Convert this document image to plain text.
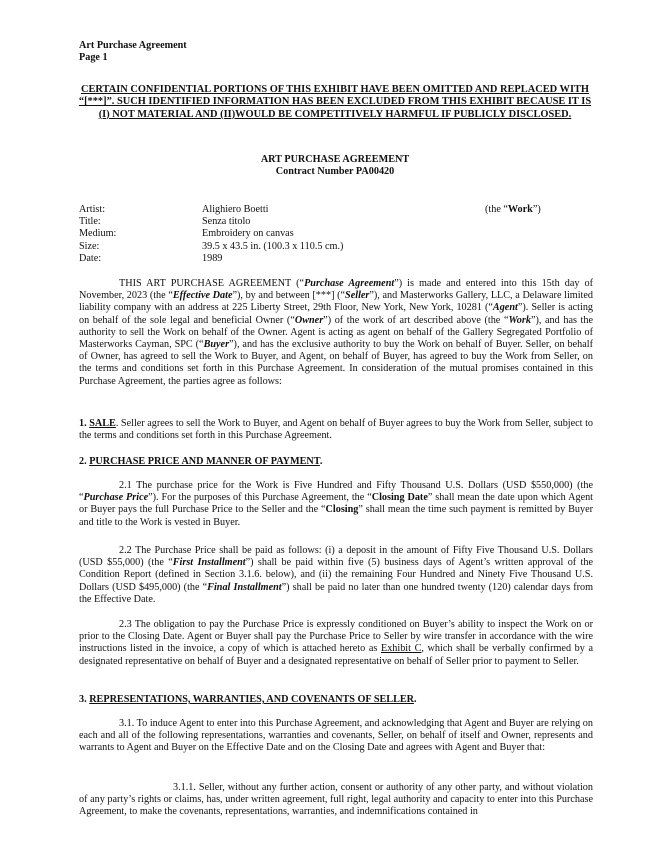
Art Purchase Agreement
Page 1
CERTAIN CONFIDENTIAL PORTIONS OF THIS EXHIBIT HAVE BEEN OMITTED AND REPLACED WITH “[***]”. SUCH IDENTIFIED INFORMATION HAS BEEN EXCLUDED FROM THIS EXHIBIT BECAUSE IT IS (I) NOT MATERIAL AND (II)WOULD BE COMPETITIVELY HARMFUL IF PUBLICLY DISCLOSED.
ART PURCHASE AGREEMENT
Contract Number PA00420
Artist:	Alighiero Boetti	(the “Work”)
Title:	Senza titolo
Medium:	Embroidery on canvas
Size:	39.5 x 43.5 in. (100.3 x 110.5 cm.)
Date:	1989
THIS ART PURCHASE AGREEMENT (“Purchase Agreement”) is made and entered into this 15th day of November, 2023 (the “Effective Date”), by and between [***] (“Seller”), and Masterworks Gallery, LLC, a Delaware limited liability company with an address at 225 Liberty Street, 29th Floor, New York, New York, 10281 (“Agent”). Seller is acting on behalf of the sole legal and beneficial Owner (“Owner”) of the work of art described above (the “Work”), and has the authority to sell the Work on behalf of the Owner. Agent is acting as agent on behalf of the Gallery Segregated Portfolio of Masterworks Cayman, SPC (“Buyer”), and has the exclusive authority to buy the Work on behalf of Buyer. Seller, on behalf of Owner, has agreed to sell the Work to Buyer, and Agent, on behalf of Buyer, has agreed to buy the Work from Seller, on the terms and conditions set forth in this Purchase Agreement. In consideration of the mutual promises contained in this Purchase Agreement, the parties agree as follows:
1. SALE. Seller agrees to sell the Work to Buyer, and Agent on behalf of Buyer agrees to buy the Work from Seller, subject to the terms and conditions set forth in this Purchase Agreement.
2. PURCHASE PRICE AND MANNER OF PAYMENT.
2.1 The purchase price for the Work is Five Hundred and Fifty Thousand U.S. Dollars (USD $550,000) (the “Purchase Price”). For the purposes of this Purchase Agreement, the “Closing Date” shall mean the date upon which Agent or Buyer pays the full Purchase Price to the Seller and the “Closing” shall mean the time such payment is remitted by Buyer and title to the Work is vested in Buyer.
2.2 The Purchase Price shall be paid as follows: (i) a deposit in the amount of Fifty Five Thousand U.S. Dollars (USD $55,000) (the “First Installment”) shall be paid within five (5) business days of Agent’s written approval of the Condition Report (defined in Section 3.1.6. below), and (ii) the remaining Four Hundred and Ninety Five Thousand U.S. Dollars (USD $495,000) (the “Final Installment”) shall be paid no later than one hundred twenty (120) calendar days from the Effective Date.
2.3 The obligation to pay the Purchase Price is expressly conditioned on Buyer’s ability to inspect the Work on or prior to the Closing Date. Agent or Buyer shall pay the Purchase Price to Seller by wire transfer in accordance with the wire instructions listed in the invoice, a copy of which is attached hereto as Exhibit C, which shall be verbally confirmed by a designated representative on behalf of Buyer and a designated representative on behalf of Seller prior to payment to Seller.
3. REPRESENTATIONS, WARRANTIES, AND COVENANTS OF SELLER.
3.1. To induce Agent to enter into this Purchase Agreement, and acknowledging that Agent and Buyer are relying on each and all of the following representations, warranties and covenants, Seller, on behalf of itself and Owner, represents and warrants to Agent and Buyer on the Effective Date and on the Closing Date and agrees with Agent and Buyer that:
3.1.1. Seller, without any further action, consent or authority of any other party, and without violation of any party’s rights or claims, has, under written agreement, full right, legal authority and capacity to enter into this Purchase Agreement, to make the covenants, representations, warranties, and indemnifications contained in
